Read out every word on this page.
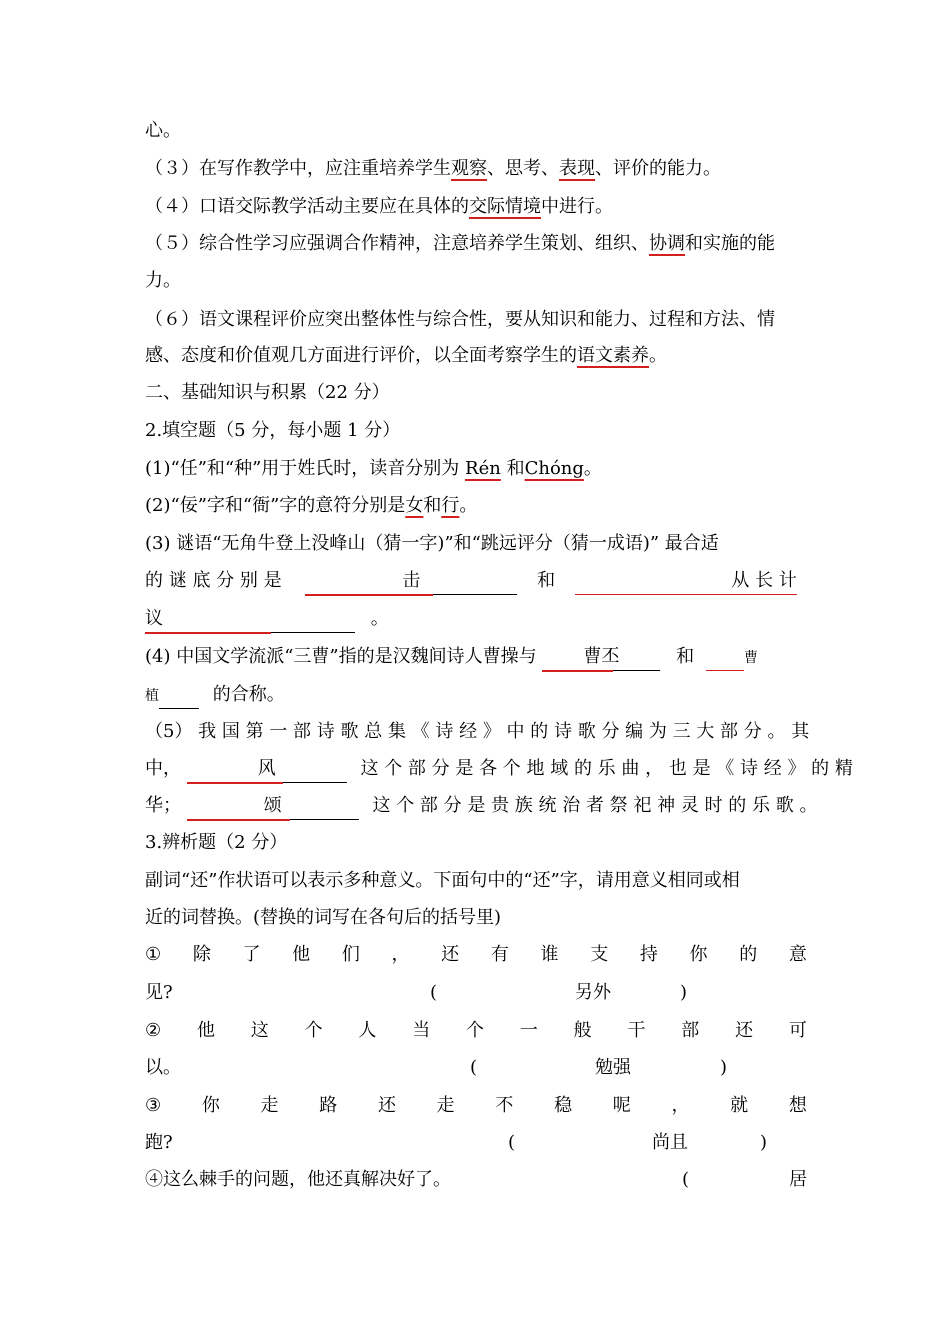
心。
（３）在写作教学中，应注重培养学生观察、思考、表现、评价的能力。
（４）口语交际教学活动主要应在具体的交际情境中进行。
（５）综合性学习应强调合作精神，注意培养学生策划、组织、协调和实施的能
力。
（６）语文课程评价应突出整体性与综合性，要从知识和能力、过程和方法、情
感、态度和价值观几方面进行评价，以全面考察学生的语文素养。
二、基础知识与积累（22 分）
2.填空题（5 分，每小题 1 分）
(1)“任”和“种”用于姓氏时，读音分别为 Rén 和Chóng。
(2)“佞”字和“衙”字的意符分别是女和行。
(3) 谜语“无角牛登上没峰山（猜一字)”和“跳远评分（猜一成语)” 最合适
的 谜 底 分 别 是	击	和	从 长 计
议	。
(4) 中国文学流派“三曹”指的是汉魏间诗人曹操与	曹丕	和	曹
植	的合称。
（5） 我 国 第 一 部 诗 歌 总 集 《 诗 经 》 中 的 诗 歌 分 编 为 三 大 部 分 。 其
中，	风	这 个 部 分 是 各 个 地 域 的 乐 曲 ， 也 是 《 诗 经 》 的 精
华；	颂	这 个 部 分 是 贵 族 统 治 者 祭 祀 神 灵 时 的 乐 歌 。
3.辨析题（2 分）
副词“还”作状语可以表示多种意义。下面句中的“还”字，请用意义相同或相
近的词替换。(替换的词写在各句后的括号里)
① 除 了 他 们 ， 还 有 谁 支 持 你 的 意
见?	(	另外	)
② 他 这 个 人 当 个 一 般 干 部 还 可
以。	(	勉强	)
③ 你 走 路 还 走 不 稳 呢 ， 就 想
跑?	(	尚且	)
④这么棘手的问题，他还真解决好了。	(	居
